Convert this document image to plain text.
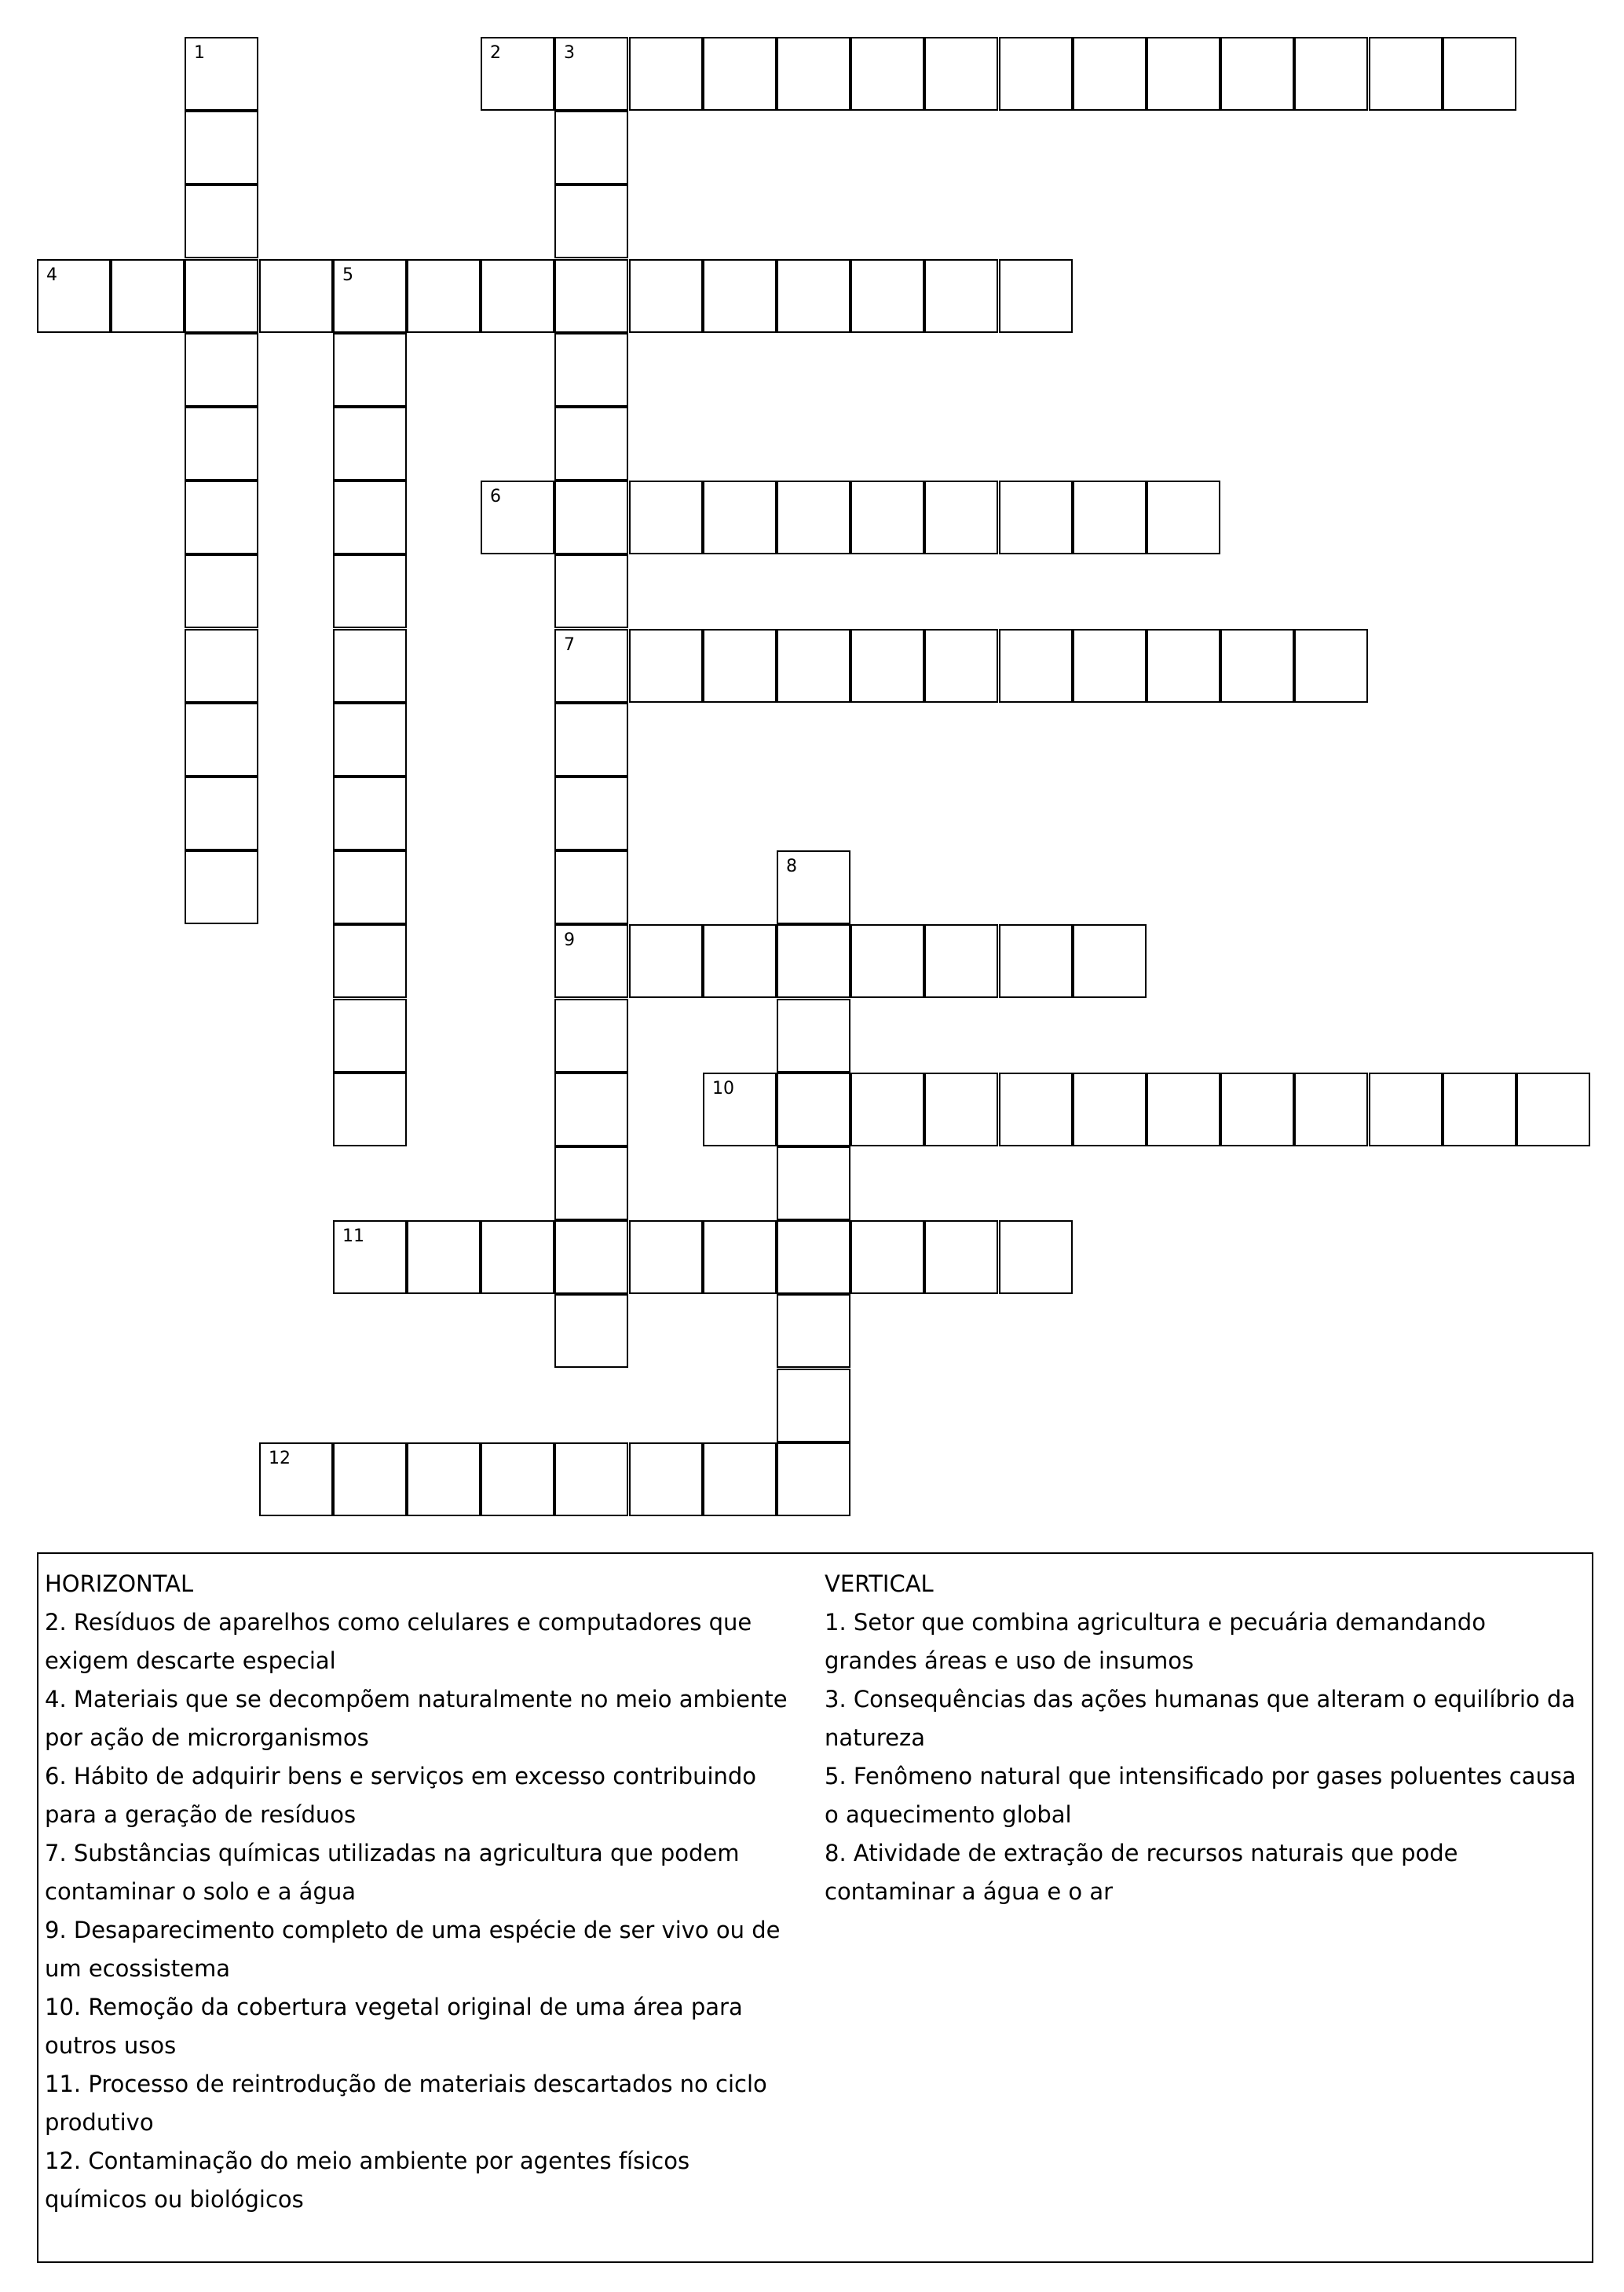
1	2	3
7
9
4	5
6
8
10
11
12

HORIZONTAL

2. Resíduos de aparelhos como celulares e computadores que exigem descarte especial

4. Materiais que se decompõem naturalmente no meio ambiente por ação de microrganismos

6. Hábito de adquirir bens e serviços em excesso contribuindo para a geração de resíduos

7. Substâncias químicas utilizadas na agricultura que podem contaminar o solo e a água

9. Desaparecimento completo de uma espécie de ser vivo ou de um ecossistema

10. Remoção da cobertura vegetal original de uma área para outros usos

11. Processo de reintrodução de materiais descartados no ciclo produtivo

12. Contaminação do meio ambiente por agentes físicos químicos ou biológicos

VERTICAL

1. Setor que combina agricultura e pecuária demandando grandes áreas e uso de insumos

3. Consequências das ações humanas que alteram o equilíbrio da natureza

5. Fenômeno natural que intensificado por gases poluentes causa o aquecimento global

8. Atividade de extração de recursos naturais que pode contaminar a água e o ar
